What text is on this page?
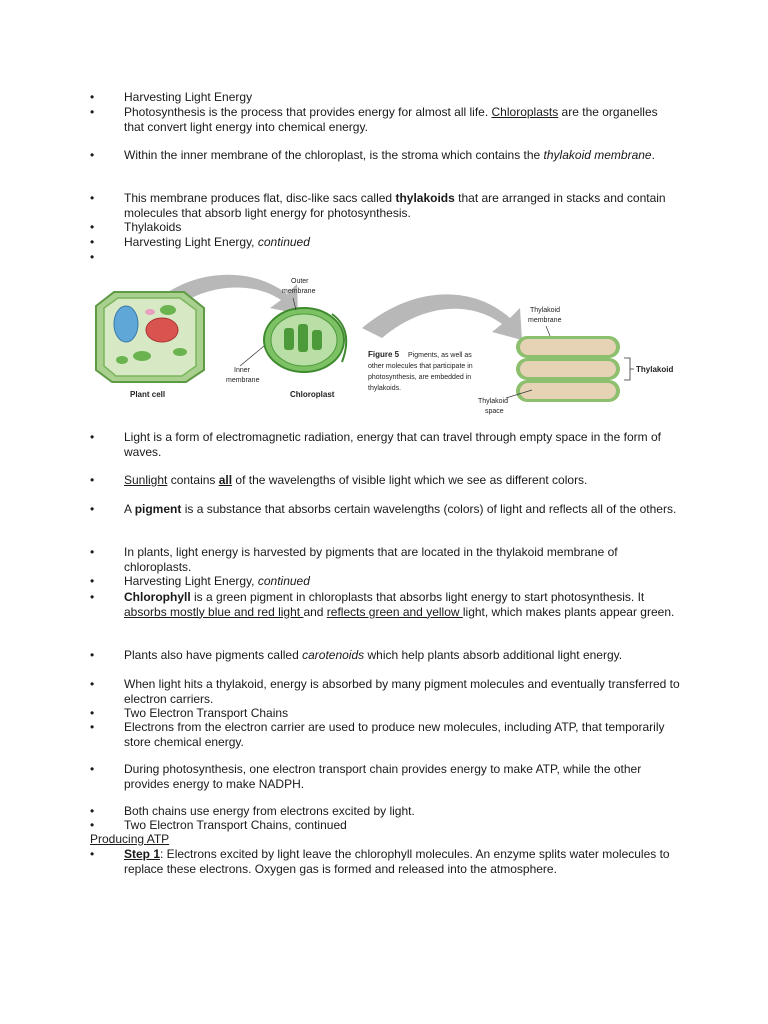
•	Harvesting Light Energy
•	Photosynthesis is the process that provides energy for almost all life. Chloroplasts are the organelles that convert light energy into chemical energy.
•	Within the inner membrane of the chloroplast, is the stroma which contains the thylakoid membrane.
•	This membrane produces flat, disc-like sacs called thylakoids that are arranged in stacks and contain molecules that absorb light energy for photosynthesis.
•	Thylakoids
•	Harvesting Light Energy, continued
•
Plant cell
Outer
membrane
Inner
membrane
Chloroplast
Figure 5 Pigments, as well as
other molecules that participate in
photosynthesis, are embedded in
thylakoids.
Thylakoid
membrane
Thylakoid
Thylakoid
space
•	Light is a form of electromagnetic radiation, energy that can travel through empty space in the form of waves.
•	Sunlight contains all of the wavelengths of visible light which we see as different colors.
•	A pigment is a substance that absorbs certain wavelengths (colors) of light and reflects all of the others.
•	In plants, light energy is harvested by pigments that are located in the thylakoid membrane of chloroplasts.
•	Harvesting Light Energy, continued
•	Chlorophyll is a green pigment in chloroplasts that absorbs light energy to start photosynthesis. It absorbs mostly blue and red light and reflects green and yellow light, which makes plants appear green.
•	Plants also have pigments called carotenoids which help plants absorb additional light energy.
•	When light hits a thylakoid, energy is absorbed by many pigment molecules and eventually transferred to electron carriers.
•	Two Electron Transport Chains
•	Electrons from the electron carrier are used to produce new molecules, including ATP, that temporarily store chemical energy.
•	During photosynthesis, one electron transport chain provides energy to make ATP, while the other provides energy to make NADPH.
•	Both chains use energy from electrons excited by light.
•	Two Electron Transport Chains, continued
Producing ATP
•	Step 1: Electrons excited by light leave the chlorophyll molecules. An enzyme splits water molecules to replace these electrons. Oxygen gas is formed and released into the atmosphere.
